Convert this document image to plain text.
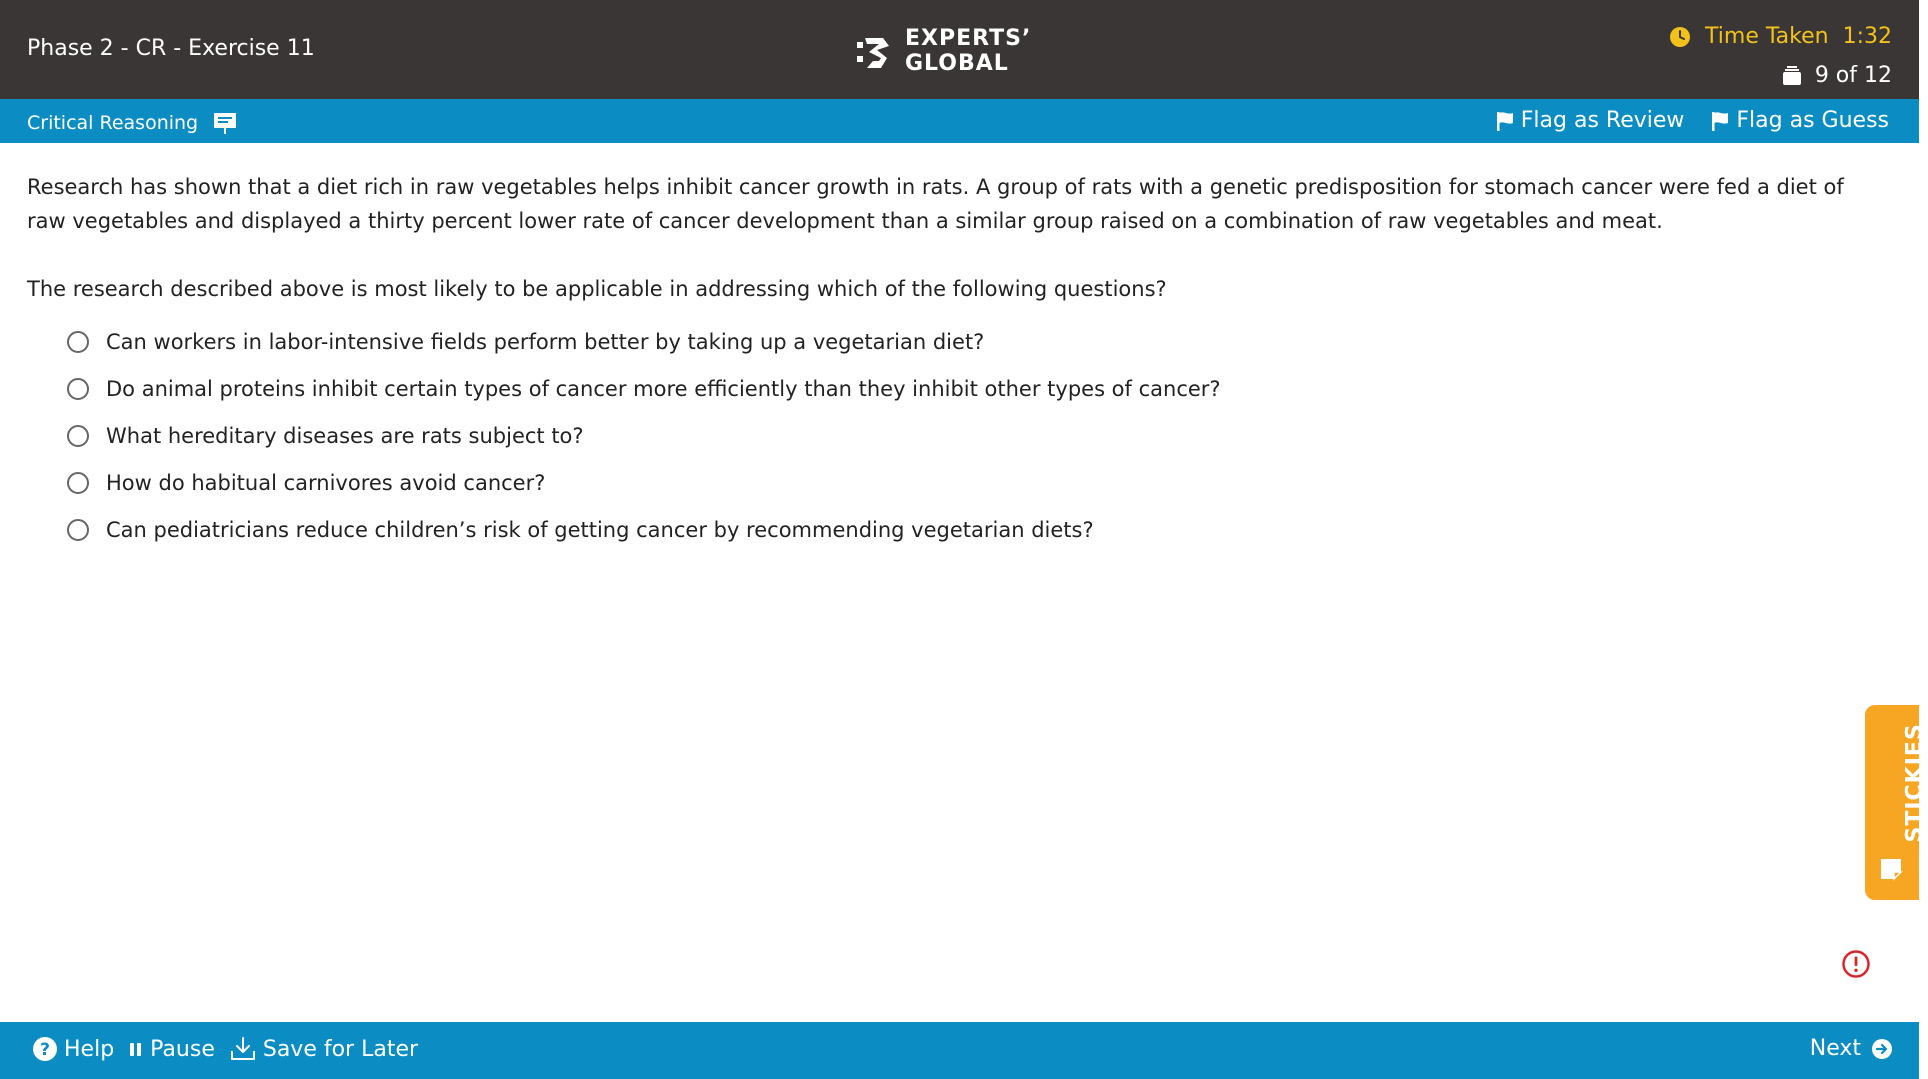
Phase 2 - CR - Exercise 11	EXPERTS’
GLOBAL
Time Taken 1:32
9 of 12
Critical Reasoning	Flag as Review Flag as Guess

Research has shown that a diet rich in raw vegetables helps inhibit cancer growth in rats. A group of rats with a genetic predisposition for stomach cancer were fed a diet of raw vegetables and displayed a thirty percent lower rate of cancer development than a similar group raised on a combination of raw vegetables and meat.

The research described above is most likely to be applicable in addressing which of the following questions?

Can workers in labor-intensive fields perform better by taking up a vegetarian diet?
Do animal proteins inhibit certain types of cancer more efficiently than they inhibit other types of cancer?
What hereditary diseases are rats subject to?
How do habitual carnivores avoid cancer?
Can pediatricians reduce children’s risk of getting cancer by recommending vegetarian diets?
STICKIES
? Help Pause Save for Later	Next
